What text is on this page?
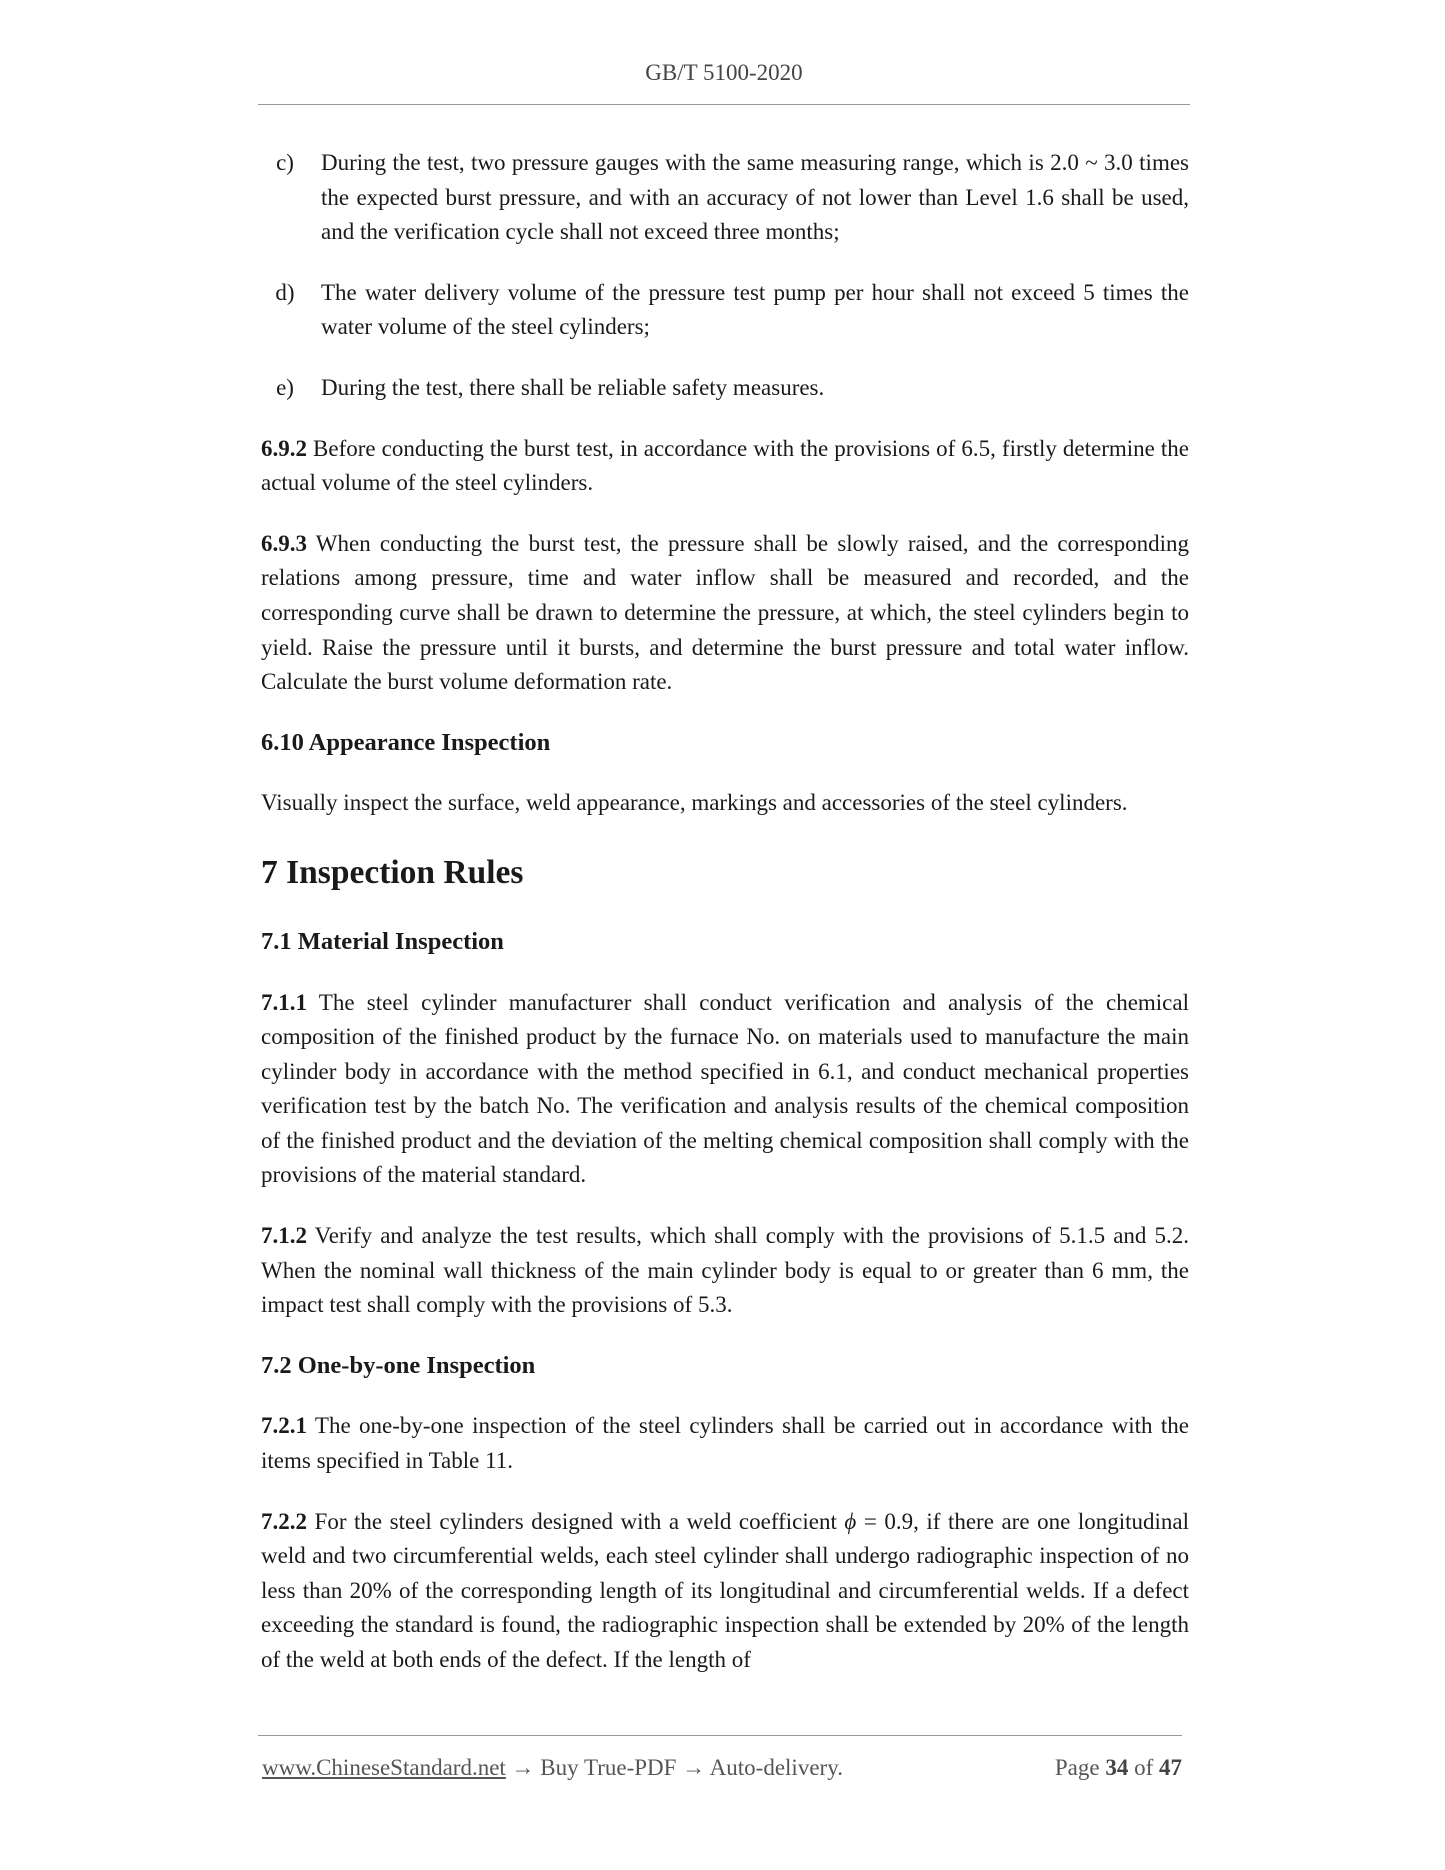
GB/T 5100-2020
c)	During the test, two pressure gauges with the same measuring range, which is 2.0 ~ 3.0 times the expected burst pressure, and with an accuracy of not lower than Level 1.6 shall be used, and the verification cycle shall not exceed three months;
d)	The water delivery volume of the pressure test pump per hour shall not exceed 5 times the water volume of the steel cylinders;
e)	During the test, there shall be reliable safety measures.

6.9.2 Before conducting the burst test, in accordance with the provisions of 6.5, firstly determine the actual volume of the steel cylinders.

6.9.3 When conducting the burst test, the pressure shall be slowly raised, and the corresponding relations among pressure, time and water inflow shall be measured and recorded, and the corresponding curve shall be drawn to determine the pressure, at which, the steel cylinders begin to yield. Raise the pressure until it bursts, and determine the burst pressure and total water inflow. Calculate the burst volume deformation rate.

6.10 Appearance Inspection

Visually inspect the surface, weld appearance, markings and accessories of the steel cylinders.

7 Inspection Rules
7.1 Material Inspection

7.1.1 The steel cylinder manufacturer shall conduct verification and analysis of the chemical composition of the finished product by the furnace No. on materials used to manufacture the main cylinder body in accordance with the method specified in 6.1, and conduct mechanical properties verification test by the batch No. The verification and analysis results of the chemical composition of the finished product and the deviation of the melting chemical composition shall comply with the provisions of the material standard.

7.1.2 Verify and analyze the test results, which shall comply with the provisions of 5.1.5 and 5.2. When the nominal wall thickness of the main cylinder body is equal to or greater than 6 mm, the impact test shall comply with the provisions of 5.3.

7.2 One-by-one Inspection

7.2.1 The one-by-one inspection of the steel cylinders shall be carried out in accordance with the items specified in Table 11.

7.2.2 For the steel cylinders designed with a weld coefficient ϕ = 0.9, if there are one longitudinal weld and two circumferential welds, each steel cylinder shall undergo radiographic inspection of no less than 20% of the corresponding length of its longitudinal and circumferential welds. If a defect exceeding the standard is found, the radiographic inspection shall be extended by 20% of the length of the weld at both ends of the defect. If the length of

www.ChineseStandard.net → Buy True-PDF → Auto-delivery.	Page 34 of 47
